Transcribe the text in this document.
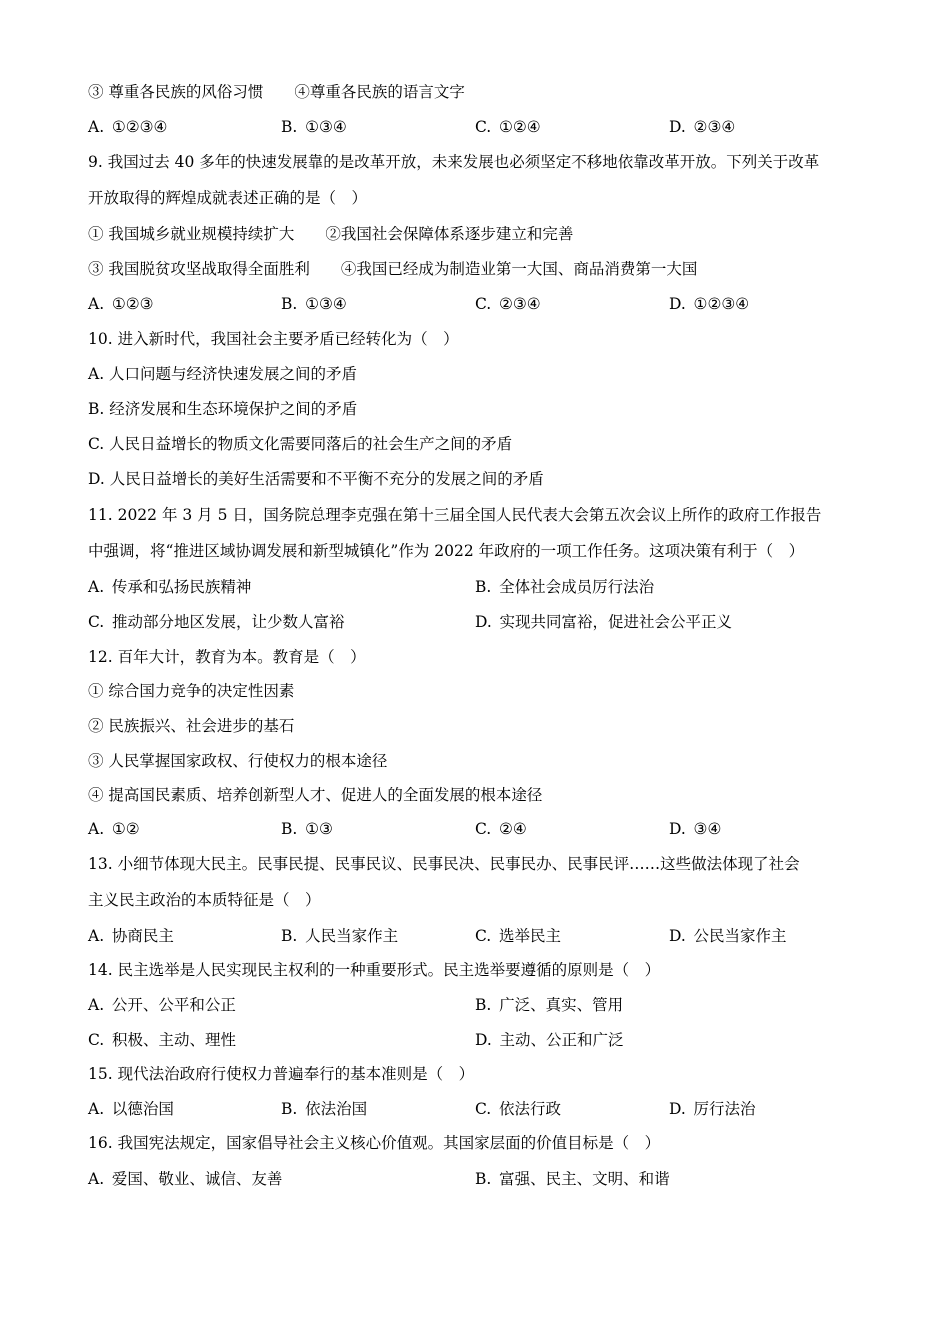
③ 尊重各民族的风俗习惯　　④尊重各民族的语言文字
A. ①②③④	B. ①③④	C. ①②④	D. ②③④
9. 我国过去 40 多年的快速发展靠的是改革开放，未来发展也必须坚定不移地依靠改革开放。下列关于改革
开放取得的辉煌成就表述正确的是（　）
① 我国城乡就业规模持续扩大　　②我国社会保障体系逐步建立和完善
③ 我国脱贫攻坚战取得全面胜利　　④我国已经成为制造业第一大国、商品消费第一大国
A. ①②③	B. ①③④	C. ②③④	D. ①②③④
10. 进入新时代，我国社会主要矛盾已经转化为（　）
A. 人口问题与经济快速发展之间的矛盾
B. 经济发展和生态环境保护之间的矛盾
C. 人民日益增长的物质文化需要同落后的社会生产之间的矛盾
D. 人民日益增长的美好生活需要和不平衡不充分的发展之间的矛盾
11. 2022 年 3 月 5 日，国务院总理李克强在第十三届全国人民代表大会第五次会议上所作的政府工作报告
中强调，将“推进区域协调发展和新型城镇化”作为 2022 年政府的一项工作任务。这项决策有利于（　）
A. 传承和弘扬民族精神	B. 全体社会成员厉行法治
C. 推动部分地区发展，让少数人富裕	D. 实现共同富裕，促进社会公平正义
12. 百年大计，教育为本。教育是（　）
① 综合国力竞争的决定性因素
② 民族振兴、社会进步的基石
③ 人民掌握国家政权、行使权力的根本途径
④ 提高国民素质、培养创新型人才、促进人的全面发展的根本途径
A. ①②	B. ①③	C. ②④	D. ③④
13. 小细节体现大民主。民事民提、民事民议、民事民决、民事民办、民事民评……这些做法体现了社会
主义民主政治的本质特征是（　）
A. 协商民主	B. 人民当家作主	C. 选举民主	D. 公民当家作主
14. 民主选举是人民实现民主权利的一种重要形式。民主选举要遵循的原则是（　）
A. 公开、公平和公正	B. 广泛、真实、管用
C. 积极、主动、理性	D. 主动、公正和广泛
15. 现代法治政府行使权力普遍奉行的基本准则是（　）
A. 以德治国	B. 依法治国	C. 依法行政	D. 厉行法治
16. 我国宪法规定，国家倡导社会主义核心价值观。其国家层面的价值目标是（　）
A. 爱国、敬业、诚信、友善	B. 富强、民主、文明、和谐
